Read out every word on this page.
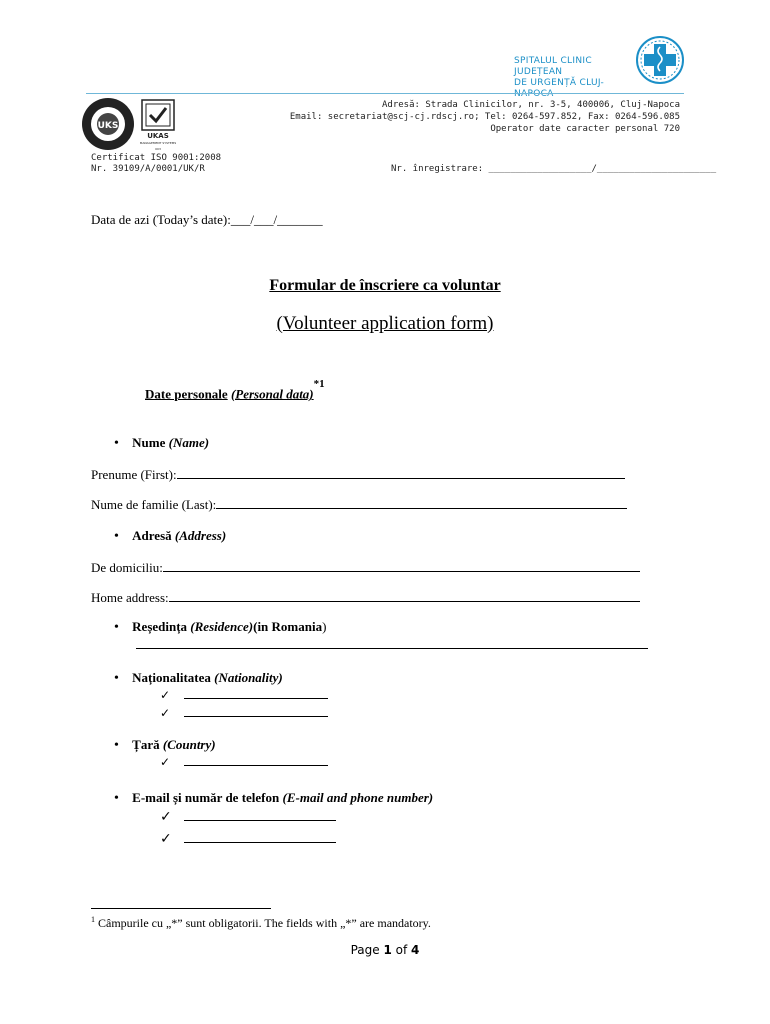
SPITALUL CLINIC JUDEȚEAN
DE URGENȚĂ CLUJ-NAPOCA
UKS
UKAS
MANAGEMENT SYSTEMS
003
Adresă: Strada Clinicilor, nr. 3-5, 400006, Cluj-Napoca
Email: secretariat@scj-cj.rdscj.ro; Tel: 0264-597.852, Fax: 0264-596.085
Operator date caracter personal 720
Certificat ISO 9001:2008
Nr. 39109/A/0001/UK/R	Nr. înregistrare: ___________________/______________________
Data de azi (Today’s date):___/___/_______
Formular de înscriere ca voluntar
(Volunteer application form)
Date personale (Personal data)$^{*1}$
• Nume (Name)
Prenume (First):
Nume de familie (Last):
• Adresă (Address)
De domiciliu:
Home address:
• Reședința (Residence)(in Romania)
• Naționalitatea (Nationality)
✓
✓
• Țară (Country)
✓
• E-mail și număr de telefon (E-mail and phone number)
✓
✓
$^1$ Câmpurile cu „*” sunt obligatorii. The fields with „*” are mandatory.
Page 1 of 4
